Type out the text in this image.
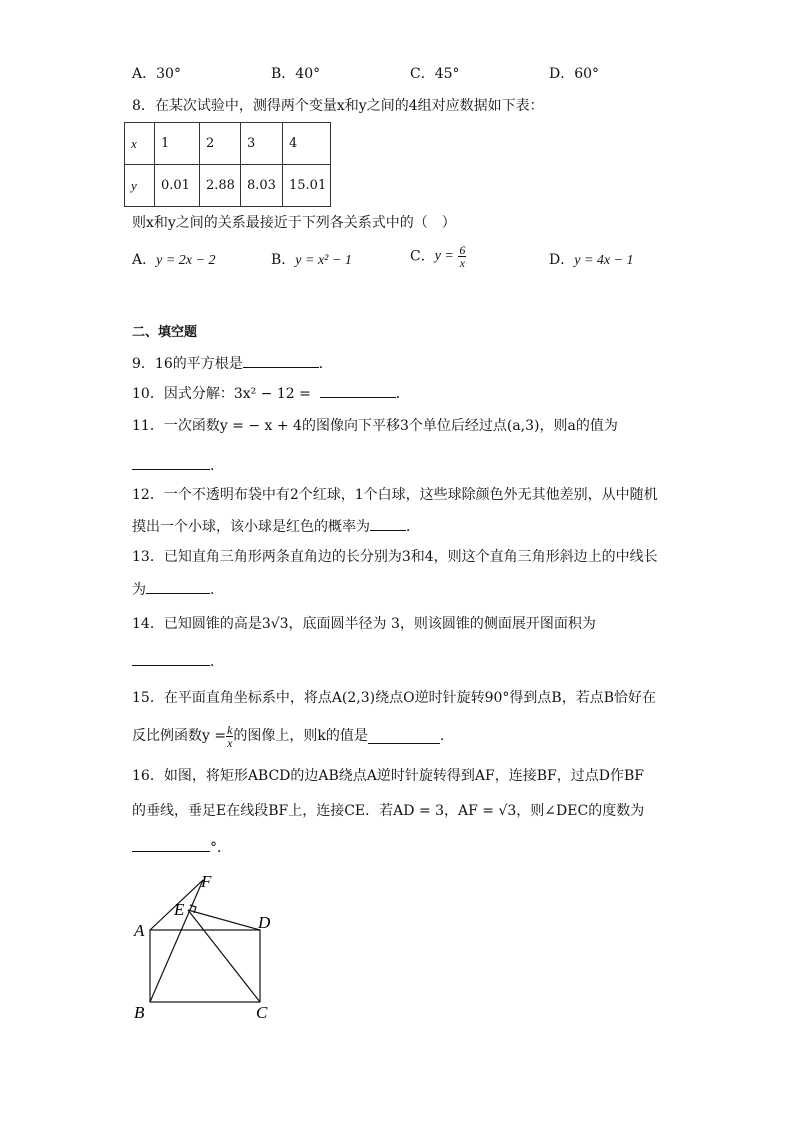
A．30°	B．40°	C．45°	D．60°
8．在某次试验中，测得两个变量x和y之间的4组对应数据如下表：
x	1	2	3	4
y	0.01	2.88	8.03	15.01
则x和y之间的关系最接近于下列各关系式中的（　）
A．y = 2x − 2	B．y = x² − 1	C．$y = \frac{6}{x}$	D．y = 4x − 1
二、填空题
9．16的平方根是	．
10．因式分解：3x² − 12 =	．
11．一次函数y = − x + 4的图像向下平移3个单位后经过点(a,3)，则a的值为
.
12．一个不透明布袋中有2个红球，1个白球，这些球除颜色外无其他差别，从中随机
摸出一个小球，该小球是红色的概率为	．
13．已知直角三角形两条直角边的长分别为3和4，则这个直角三角形斜边上的中线长
为	.
14．已知圆锥的高是3√3，底面圆半径为 3，则该圆锥的侧面展开图面积为
．
15．在平面直角坐标系中，将点A(2,3)绕点O逆时针旋转90°得到点B，若点B恰好在
反比例函数$y = \frac{k}{x}$ 的图像上，则k的值是	.
16．如图，将矩形ABCD的边AB绕点A逆时针旋转得到AF，连接BF，过点D作BF
的垂线，垂足E在线段BF上，连接CE．若AD = 3，AF = √3，则∠DEC的度数为
°．
F
E
A	D
B	C
